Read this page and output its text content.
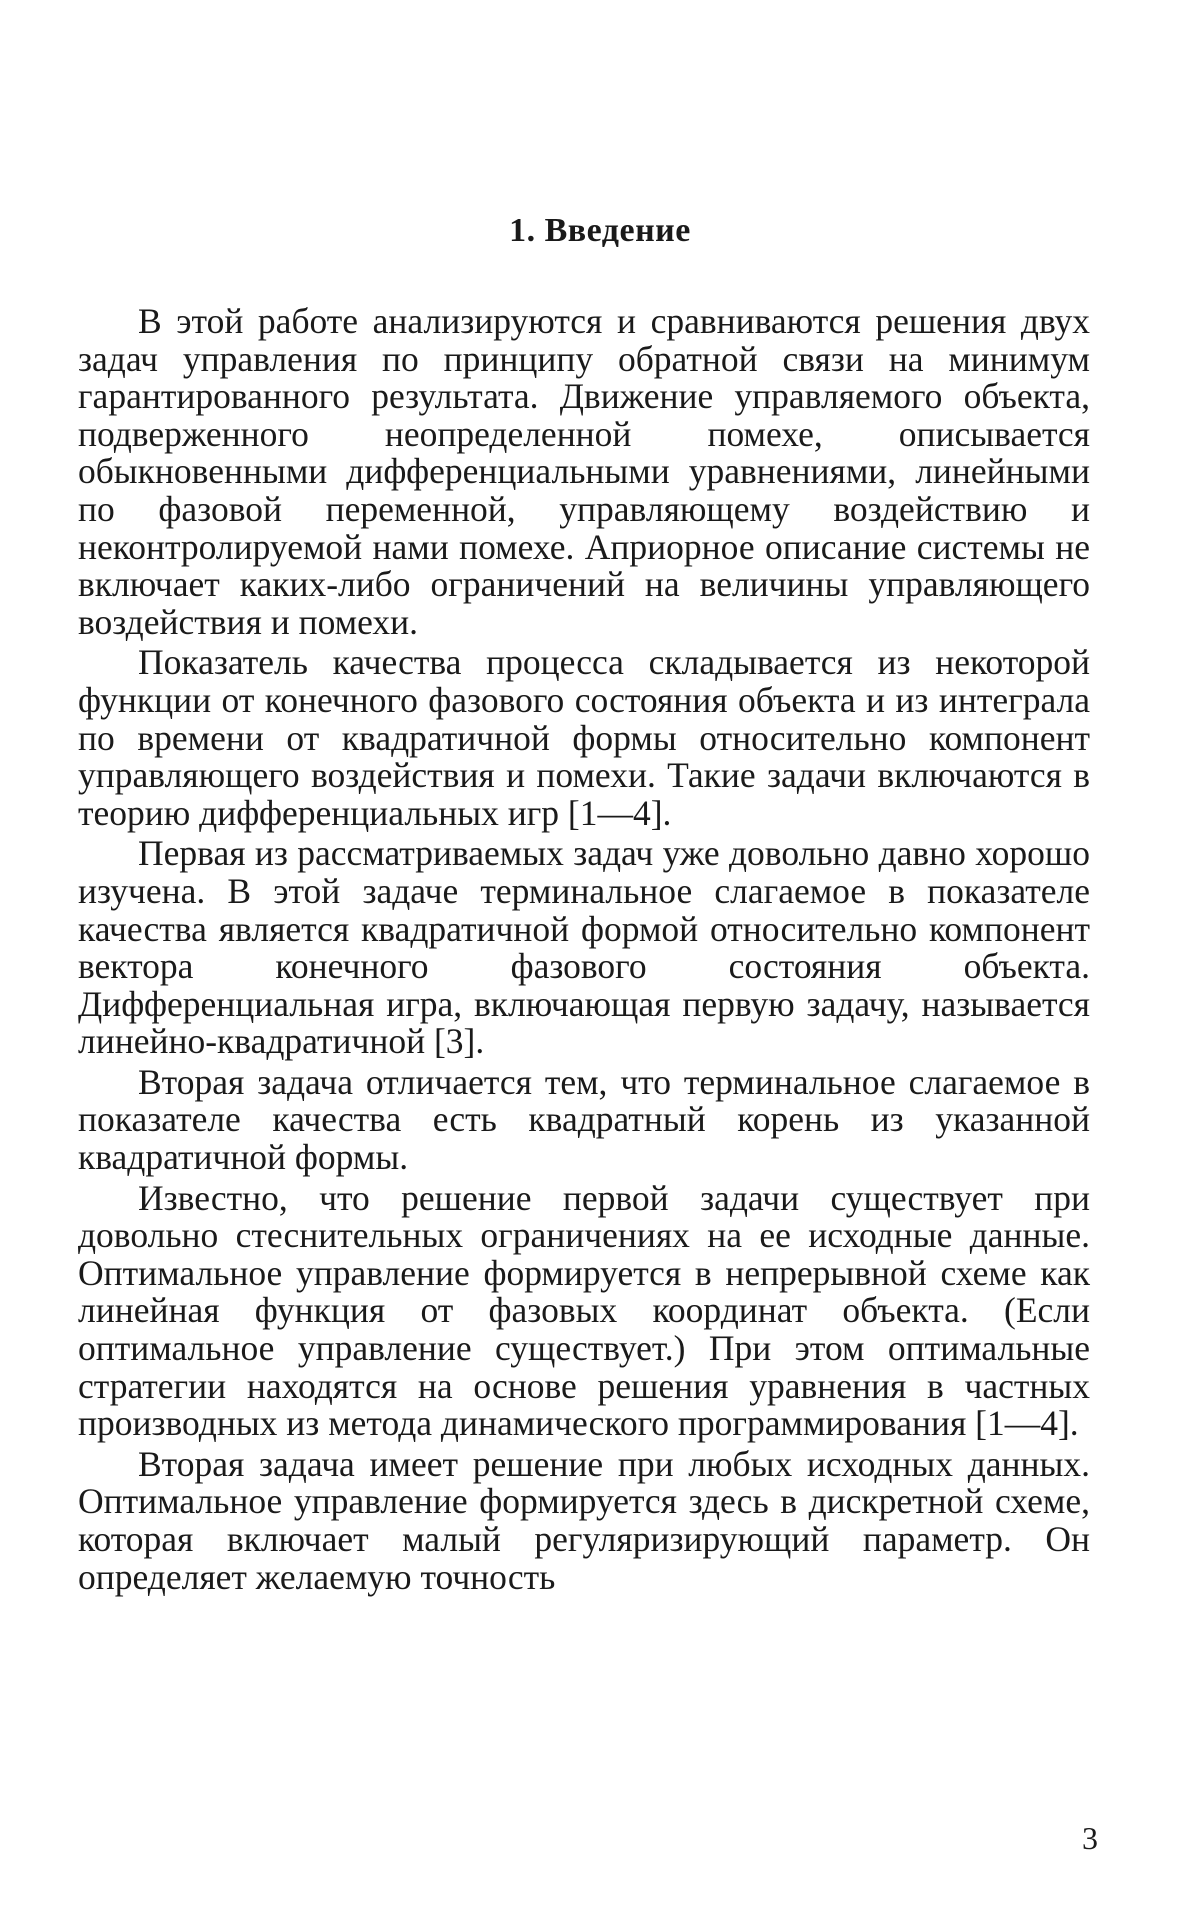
1. Введение

В этой работе анализируются и сравниваются решения двух задач управления по принципу обратной связи на минимум гарантированного результата. Движение управляемого объекта, подверженного неопределенной помехе, описывается обыкновенными дифференциальными уравнениями, линейными по фазовой переменной, управляющему воздействию и неконтролируемой нами помехе. Априорное описание системы не включает каких-либо ограничений на величины управляющего воздействия и помехи.

Показатель качества процесса складывается из некоторой функции от конечного фазового состояния объекта и из интеграла по времени от квадратичной формы относительно компонент управляющего воздействия и помехи. Такие задачи включаются в теорию дифференциальных игр [1—4].

Первая из рассматриваемых задач уже довольно давно хорошо изучена. В этой задаче терминальное слагаемое в показателе качества является квадратичной формой относительно компонент вектора конечного фазового состояния объекта. Дифференциальная игра, включающая первую задачу, называется линейно-квадратичной [3].

Вторая задача отличается тем, что терминальное слагаемое в показателе качества есть квадратный корень из указанной квадратичной формы.

Известно, что решение первой задачи существует при довольно стеснительных ограничениях на ее исходные данные. Оптимальное управление формируется в непрерывной схеме как линейная функция от фазовых координат объекта. (Если оптимальное управление существует.) При этом оптимальные стратегии находятся на основе решения уравнения в частных производных из метода динамического программирования [1—4].

Вторая задача имеет решение при любых исходных данных. Оптимальное управление формируется здесь в дискретной схеме, которая включает малый регуляризирующий параметр. Он определяет желаемую точность

3
